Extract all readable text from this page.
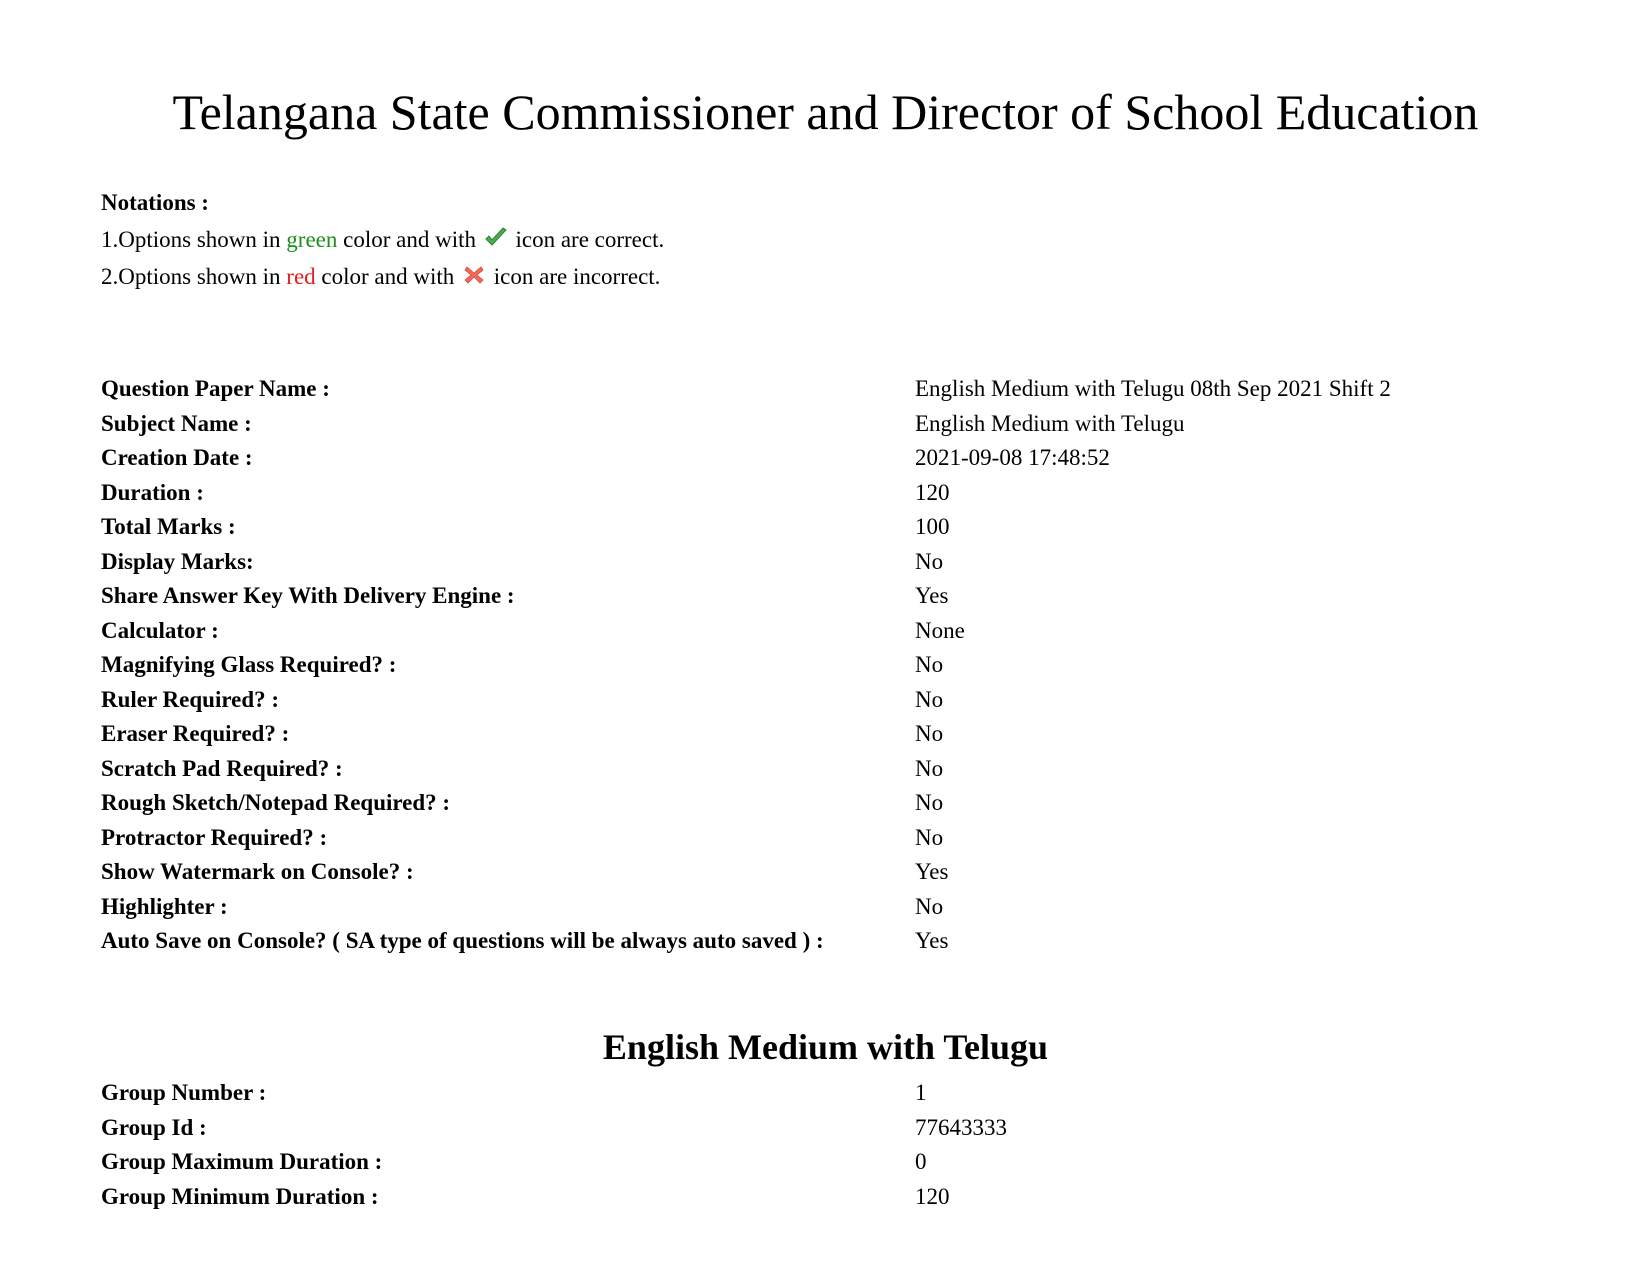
Telangana State Commissioner and Director of School Education
Notations :
1.Options shown in green color and with  icon are correct.
2.Options shown in red color and with  icon are incorrect.
Question Paper Name :	English Medium with Telugu 08th Sep 2021 Shift 2
Subject Name :	English Medium with Telugu
Creation Date :	2021-09-08 17:48:52
Duration :	120
Total Marks :	100
Display Marks:	No
Share Answer Key With Delivery Engine :	Yes
Calculator :	None
Magnifying Glass Required? :	No
Ruler Required? :	No
Eraser Required? :	No
Scratch Pad Required? :	No
Rough Sketch/Notepad Required? :	No
Protractor Required? :	No
Show Watermark on Console? :	Yes
Highlighter :	No
Auto Save on Console? ( SA type of questions will be always auto saved ) :	Yes
English Medium with Telugu
Group Number :	1
Group Id :	77643333
Group Maximum Duration :	0
Group Minimum Duration :	120
